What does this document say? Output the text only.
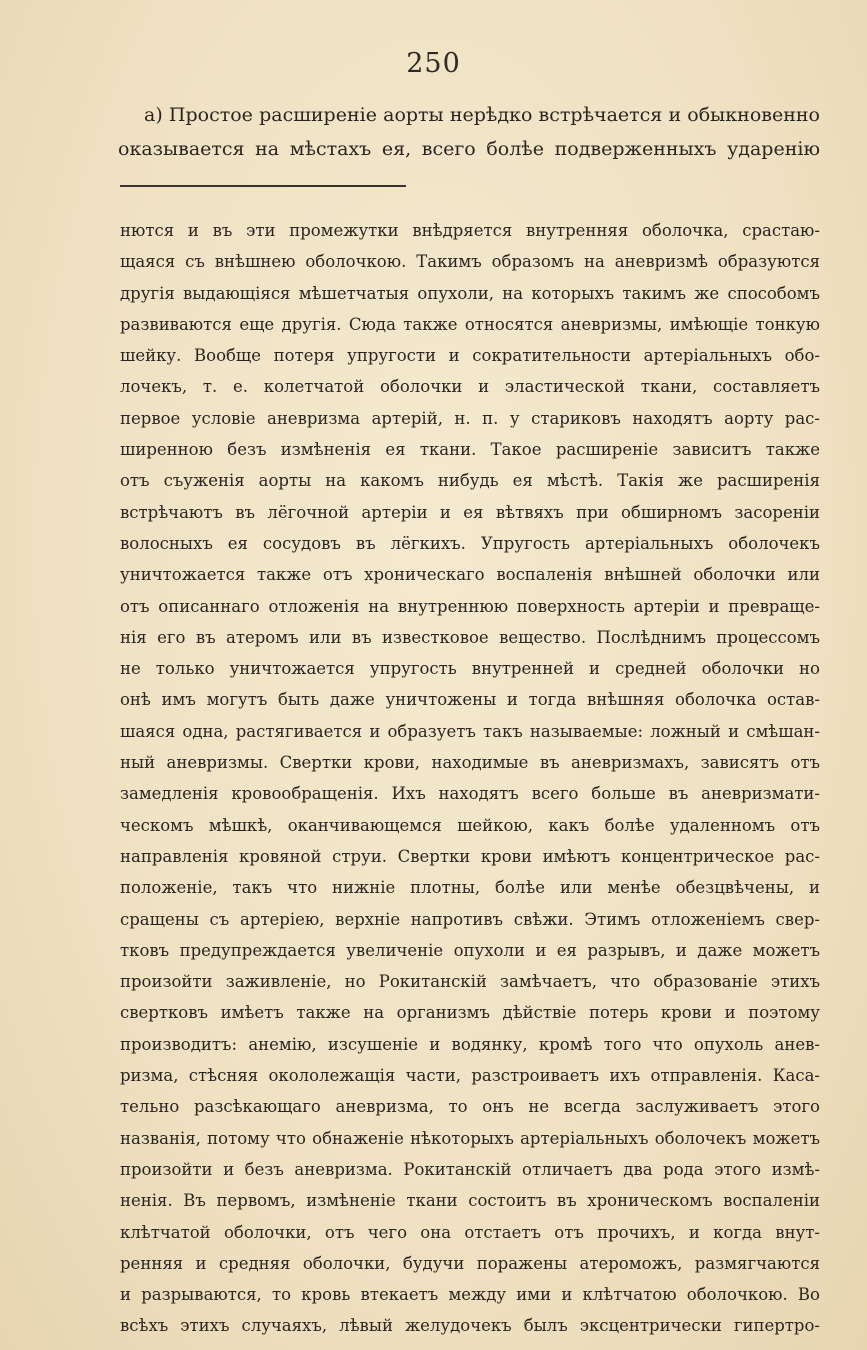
250
а) Простое расширеніе аорты нерѣдко встрѣчается и обыкновенно
оказывается на мѣстахъ ея, всего болѣе подверженныхъ ударенію
нются и въ эти промежутки внѣдряется внутренняя оболочка, срастаю-
щаяся съ внѣшнею оболочкою. Такимъ образомъ на аневризмѣ образуются
другія выдающіяся мѣшетчатыя опухоли, на которыхъ такимъ же способомъ
развиваются еще другія. Сюда также относятся аневризмы, имѣющіе тонкую
шейку. Вообще потеря упругости и сократительности артеріальныхъ обо-
лочекъ, т. е. колетчатой оболочки и эластической ткани, составляетъ
первое условіе аневризма артерій, н. п. у стариковъ находятъ аорту рас-
ширенною безъ измѣненія ея ткани. Такое расширеніе зависитъ также
отъ съуженія аорты на какомъ нибудь ея мѣстѣ. Такія же расширенія
встрѣчаютъ въ лёгочной артеріи и ея вѣтвяхъ при обширномъ засореніи
волосныхъ ея сосудовъ въ лёгкихъ. Упругость артеріальныхъ оболочекъ
уничтожается также отъ хроническаго воспаленія внѣшней оболочки или
отъ описаннаго отложенія на внутреннюю поверхность артеріи и превраще-
нія его въ атеромъ или въ известковое вещество. Послѣднимъ процессомъ
не только уничтожается упругость внутренней и средней оболочки но
онѣ имъ могутъ быть даже уничтожены и тогда внѣшняя оболочка остав-
шаяся одна, растягивается и образуетъ такъ называемые: ложный и смѣшан-
ный аневризмы. Свертки крови, находимые въ аневризмахъ, зависятъ отъ
замедленія кровообращенія. Ихъ находятъ всего больше въ аневризмати-
ческомъ мѣшкѣ, оканчивающемся шейкою, какъ болѣе удаленномъ отъ
направленія кровяной струи. Свертки крови имѣютъ концентрическое рас-
положеніе, такъ что нижніе плотны, болѣе или менѣе обезцвѣчены, и
сращены съ артеріею, верхніе напротивъ свѣжи. Этимъ отложеніемъ свер-
тковъ предупреждается увеличеніе опухоли и ея разрывъ, и даже можетъ
произойти заживленіе, но Рокитанскій замѣчаетъ, что образованіе этихъ
свертковъ имѣетъ также на организмъ дѣйствіе потерь крови и поэтому
производитъ: анемію, изсушеніе и водянку, кромѣ того что опухоль анев-
ризма, стѣсняя окололежащія части, разстроиваетъ ихъ отправленія. Каса-
тельно разсѣкающаго аневризма, то онъ не всегда заслуживаетъ этого
названія, потому что обнаженіе нѣкоторыхъ артеріальныхъ оболочекъ можетъ
произойти и безъ аневризма. Рокитанскій отличаетъ два рода этого измѣ-
ненія. Въ первомъ, измѣненіе ткани состоитъ въ хроническомъ воспаленіи
клѣтчатой оболочки, отъ чего она отстаетъ отъ прочихъ, и когда внут-
ренняя и средняя оболочки, будучи поражены атероможъ, размягчаются
и разрываются, то кровь втекаетъ между ими и клѣтчатою оболочкою. Во
всѣхъ этихъ случаяхъ, лѣвый желудочекъ былъ эксцентрически гипертро-
